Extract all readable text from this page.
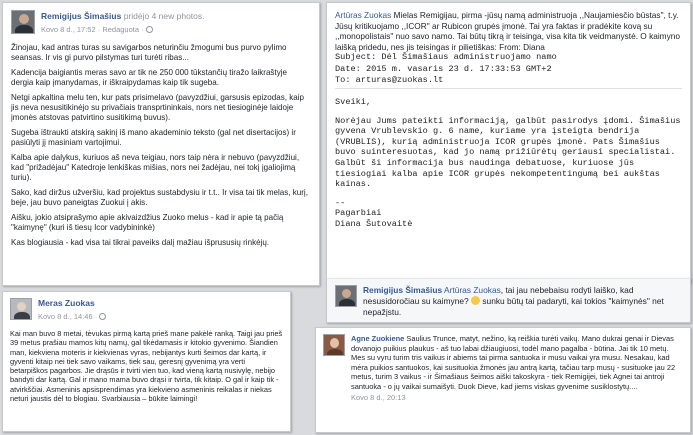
Remigijus Šimašius pridėjo 4 new photos.
Kovo 8 d., 17:52 · Redaguota ·

Žinojau, kad antras turas su savigarbos neturinčiu žmogumi bus purvo pylimo seansas. Ir vis gi purvo pilstymas turi turėti ribas...

Kadencija baigiantis meras savo ar tik ne 250 000 tūkstančių tiražo laikraštyje dergia kaip įmanydamas, ir iškraipydamas kaip tik sugeba.

Netgi apkaltina melu ten, kur pats prisimelavo (pavyzdžiui, garsusis epizodas, kaip jis neva nesusitikinėjo su privačiais transprtininkais, nors net tiesioginėje laidoje įmonės atstovas patvirtino susitikimą buvus).

Sugeba ištraukti atskirą sakinį iš mano akademinio teksto (gal net disertacijos) ir pasiūlyti jį masiniam vartojimui.

Kalba apie dalykus, kuriuos aš neva teigiau, nors taip nėra ir nebuvo (pavyzdžiui, kad "prižadėjau" Katedroje lenkiškas mišias, nors nei žadėjau, nei tokį įgaliojimą turiu).

Sako, kad diržus užveršiu, kad projektus sustabdysiu ir t.t.. Ir visa tai tik melas, kurį, beje, jau buvo paneigtas Zuokui į akis.

Aišku, jokio atsiprašymo apie akivaizdžius Zuoko melus - kad ir apie tą pačią "kaimynę" (kuri iš tiesų Icor vadybininkė)

Kas blogiausia - kad visa tai tikrai paveiks dalį mažiau išprususių rinkėjų.

Artūras Zuokas Mielas Remigijau, pirma -jūsų namą administruoja ,,Naujamiesčio būstas", t.y. Jūsų kritikuojamo ,,ICOR" ar Rubicon grupės įmonė. Tai yra faktas ir pradėkite kovą su ,,monopolistais" nuo savo namo. Tai būtų tikrą ir teisinga, visa kita tik veidmanystė. O kaimyno laišką pridedu, nes jis teisingas ir pilietiškas: From: Diana

Subject: Dėl Šimašiaus administruojamo namo

Date: 2015 m. vasaris 23 d. 17:33:53 GMT+2

To: arturas@zuokas.lt

Sveiki,

Norėjau Jums pateikti informaciją, galbūt pasirodys įdomi. Šimašius gyvena Vrublevskio g. 6 name, kuriame yra įsteigta bendrija (VRUBLIS), kurią administruoja ICOR grupės įmonė. Pats Šimašius buvo suinteresuotas, kad jo namą prižiūrėtų geriausi specialistai. Galbūt ši informacija bus naudinga debatuose, kuriuose jūs tiesiogiai kalba apie ICOR grupės nekompetentingumą bei aukštas kainas.

--

Pagarbiai

Diana Šutovaitė

Remigijus Šimašius Artūras Zuokas, tai jau nebebaisu rodyti laiško, kad nesusidoročiau su kaimyne? sunku būtų tai padaryti, kai tokios "kaimynės" net nepažįstu.
Meras Zuokas
Kovo 8 d., 14:46 ·
Kai man buvo 8 metai, tėvukas pirmą kartą prieš mane pakėlė ranką. Taigi jau prieš 39 metus prašiau mamos kitų namų, gal tikėdamasis ir kitokio gyvenimo. Šiandien man, kiekviena moteris ir kiekvienas vyras, nebijantys kurti šeimos dar kartą, ir gyventi kitaip nei tiek savo vaikams, tiek sau, geresnį gyvenimą yra verti betarpiškos pagarbos. Jie drąsūs ir tvirti vien tuo, kad vieną kartą nusivylę, nebijo bandyti dar kartą. Gal ir mano mama buvo drąsi ir tvirta, tik kitaip. O gal ir kaip tik - atvirkščiai. Asmeninis apsisprendimas yra kiekvieno asmeninis reikalas ir niekas neturi jaustis dėl to blogiau. Svarbiausia – būkite laimingi!
Agne Zuokiene Saulius Trunce, matyt, nežino, ką reiškia turėti vaikų. Mano dukrai genai ir Dievas dovanojo puikius plaukus - aš tuo labai džiaugiuosi, todėl mano pagalba - būtina. Jai tik 10 metų. Mes su vyru turim tris vaikus ir abiems tai pirma santuoka ir musu vaikai yra musu. Nesakau, kad mėra puikios santuokos, kai susituokia žmonės jau antrą kartą, tačiau tarp musų - susituoke jau 22 metus, turim 3 vaikus - ir Šimašiaus šeimos aiški takoskyra - tiek Remigijei, tiek Agnei tai antroji santuoka - o jų vaikai sumaišyti. Duok Dieve, kad jiems viskas gyvenime susiklostytų....
Kovo 8 d., 20:13
